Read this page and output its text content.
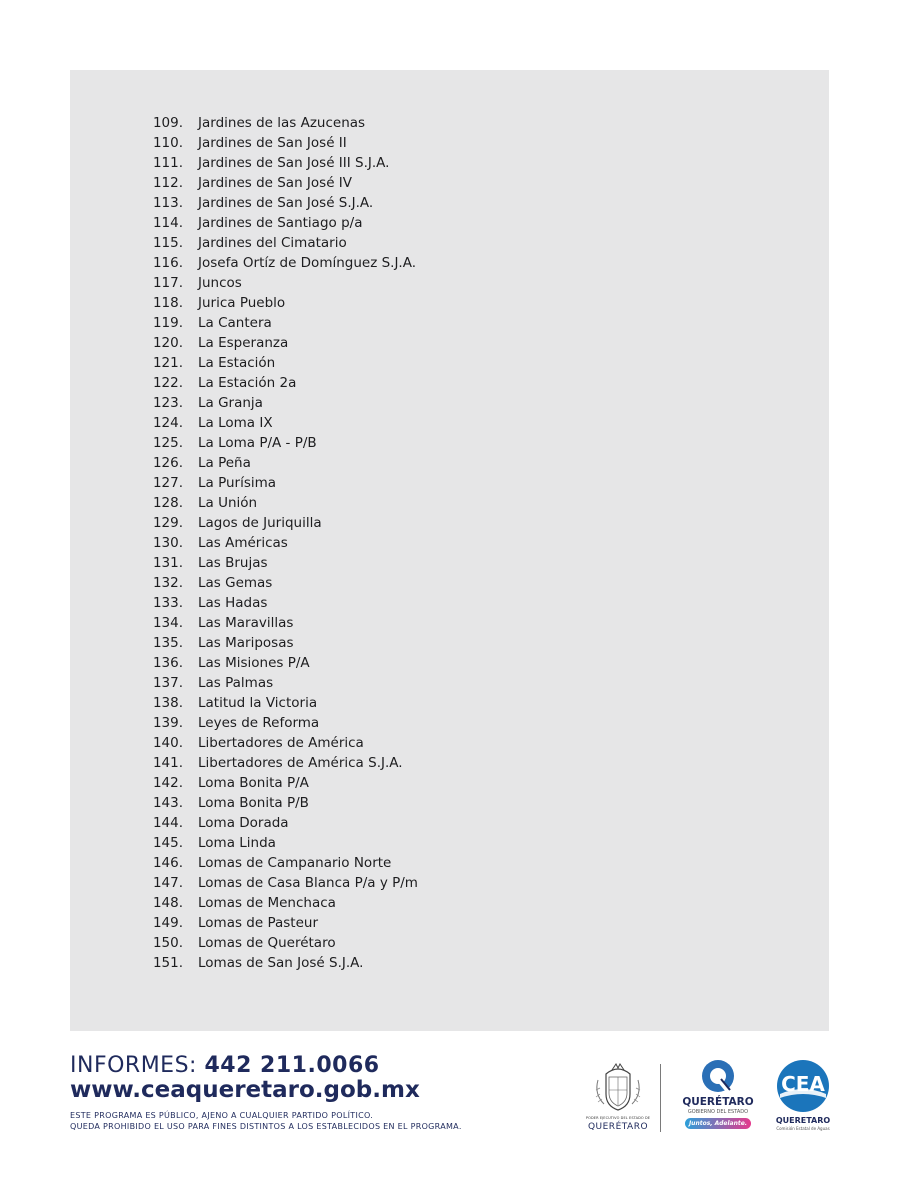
109. Jardines de las Azucenas
110. Jardines de San José II
111. Jardines de San José III S.J.A.
112. Jardines de San José IV
113. Jardines de San José S.J.A.
114. Jardines de Santiago p/a
115. Jardines del Cimatario
116. Josefa Ortíz de Domínguez S.J.A.
117. Juncos
118. Jurica Pueblo
119. La Cantera
120. La Esperanza
121. La Estación
122. La Estación 2a
123. La Granja
124. La Loma IX
125. La Loma P/A - P/B
126. La Peña
127. La Purísima
128. La Unión
129. Lagos de Juriquilla
130. Las Américas
131. Las Brujas
132. Las Gemas
133. Las Hadas
134. Las Maravillas
135. Las Mariposas
136. Las Misiones P/A
137. Las Palmas
138. Latitud la Victoria
139. Leyes de Reforma
140. Libertadores de América
141. Libertadores de América S.J.A.
142. Loma Bonita P/A
143. Loma Bonita P/B
144. Loma Dorada
145. Loma Linda
146. Lomas de Campanario Norte
147. Lomas de Casa Blanca P/a y P/m
148. Lomas de Menchaca
149. Lomas de Pasteur
150. Lomas de Querétaro
151. Lomas de San José S.J.A.
INFORMES: 442 211.0066
www.ceaqueretaro.gob.mx
ESTE PROGRAMA ES PÚBLICO, AJENO A CUALQUIER PARTIDO POLÍTICO.
QUEDA PROHIBIDO EL USO PARA FINES DISTINTOS A LOS ESTABLECIDOS EN EL PROGRAMA.
PODER EJECUTIVO DEL ESTADO DE
QUERÉTARO
QUERÉTARO
GOBIERNO DEL ESTADO
Juntos, Adelante.
CEA
QUERETARO
Comisión Estatal de Aguas
